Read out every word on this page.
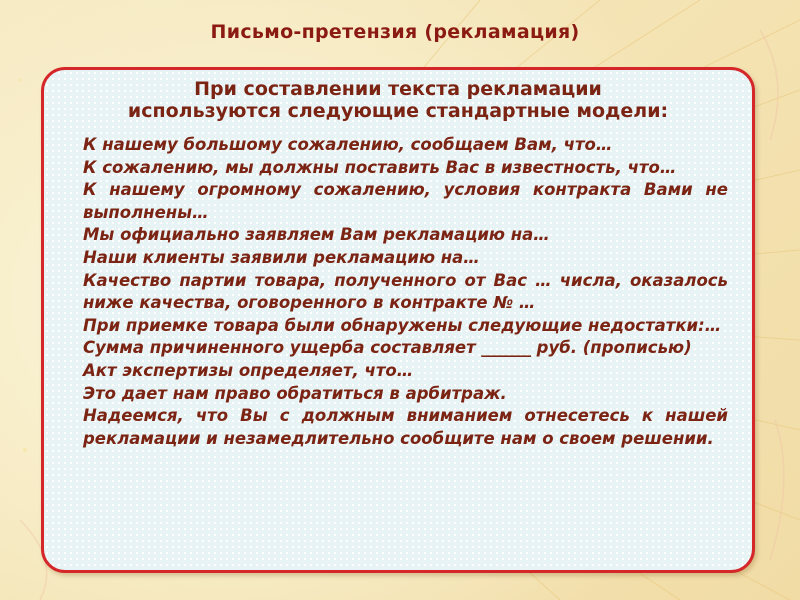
Письмо-претензия (рекламация)
При составлении текста рекламации
используются следующие стандартные модели:
К нашему большому сожалению, сообщаем Вам, что…
К сожалению, мы должны поставить Вас в известность, что…
К нашему огромному сожалению, условия контракта Вами не выполнены…
Мы официально заявляем Вам рекламацию на…
Наши клиенты заявили рекламацию на…
Качество партии товара, полученного от Вас … числа, оказалось ниже качества, оговоренного в контракте № …
При приемке товара были обнаружены следующие недостатки:…
Сумма причиненного ущерба составляет ______ руб. (прописью)
Акт экспертизы определяет, что…
Это дает нам право обратиться в арбитраж.
Надеемся, что Вы с должным вниманием отнесетесь к нашей рекламации и незамедлительно сообщите нам о своем решении.
